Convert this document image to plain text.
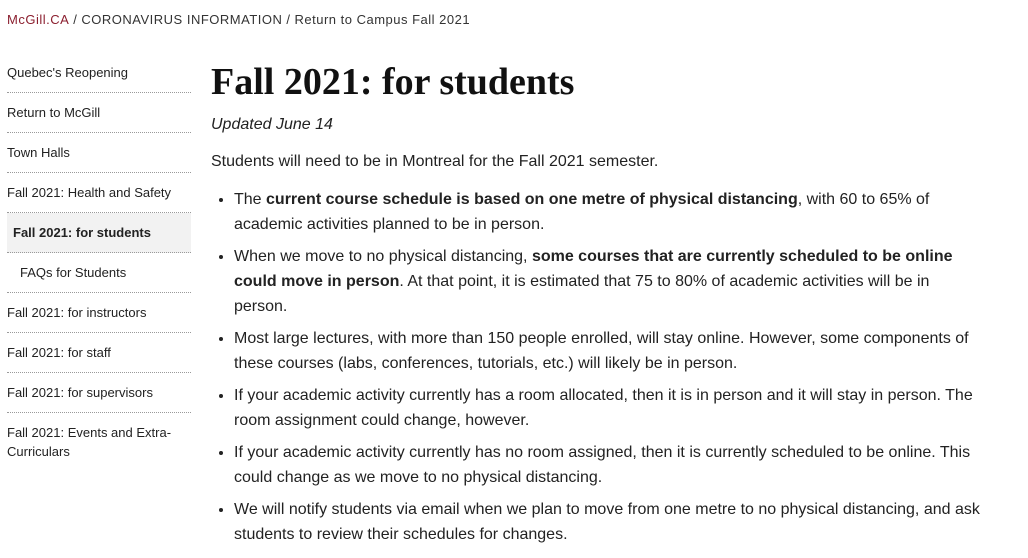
McGill.CA / CORONAVIRUS INFORMATION / Return to Campus Fall 2021
Quebec's Reopening
Return to McGill
Town Halls
Fall 2021: Health and Safety
Fall 2021: for students
FAQs for Students
Fall 2021: for instructors
Fall 2021: for staff
Fall 2021: for supervisors
Fall 2021: Events and Extra-Curriculars
Fall 2021: for students
Updated June 14
Students will need to be in Montreal for the Fall 2021 semester.
• The current course schedule is based on one metre of physical distancing, with 60 to 65% of academic activities planned to be in person.
• When we move to no physical distancing, some courses that are currently scheduled to be online could move in person. At that point, it is estimated that 75 to 80% of academic activities will be in person.
• Most large lectures, with more than 150 people enrolled, will stay online. However, some components of these courses (labs, conferences, tutorials, etc.) will likely be in person.
• If your academic activity currently has a room allocated, then it is in person and it will stay in person. The room assignment could change, however.
• If your academic activity currently has no room assigned, then it is currently scheduled to be online. This could change as we move to no physical distancing.
• We will notify students via email when we plan to move from one metre to no physical distancing, and ask students to review their schedules for changes.
